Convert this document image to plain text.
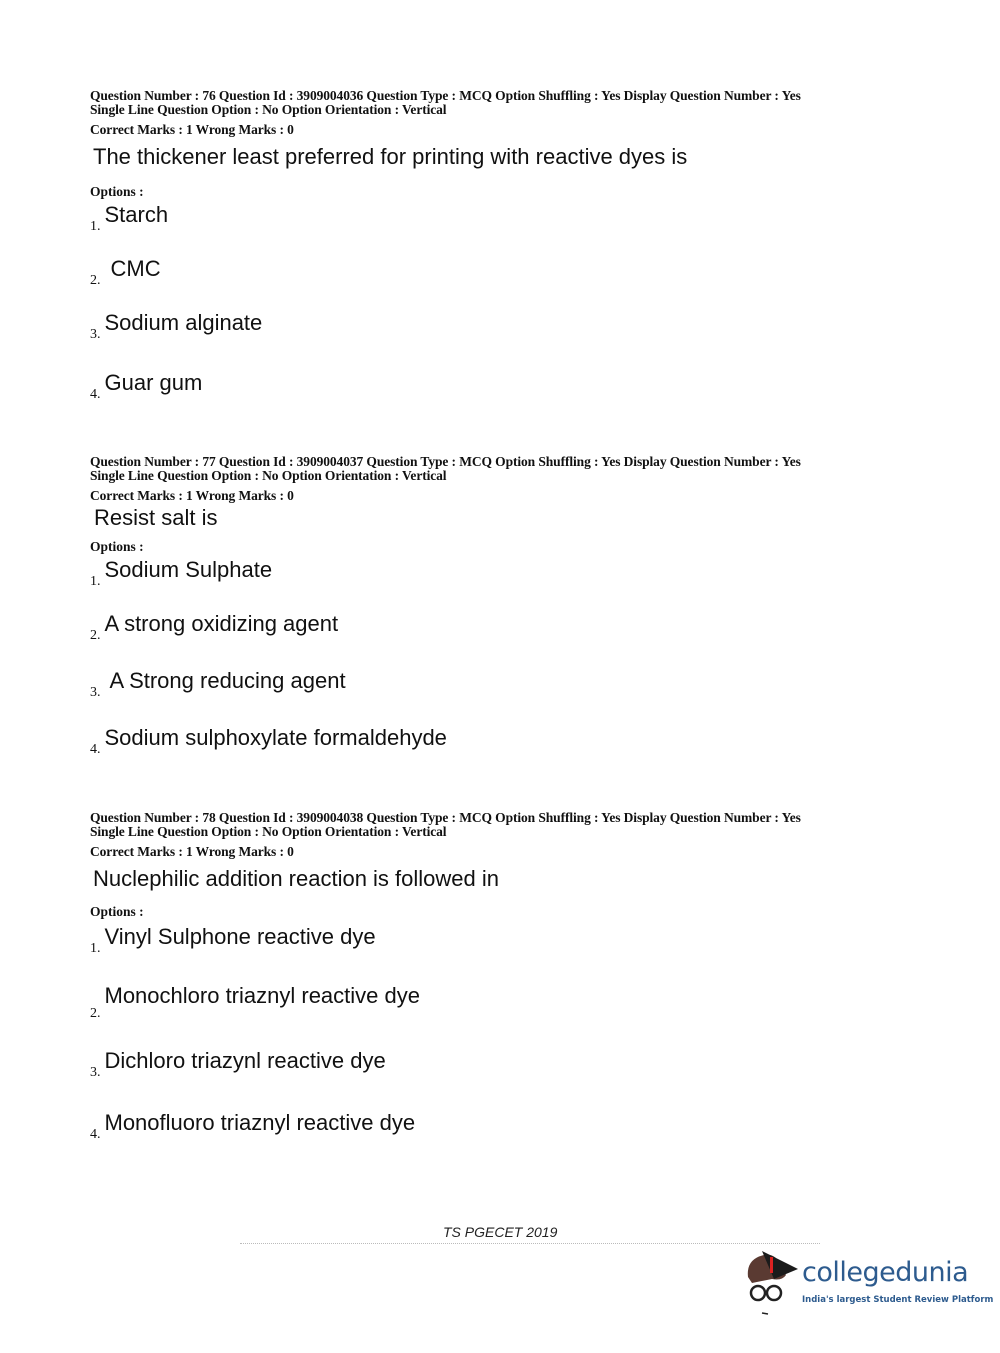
Question Number : 76 Question Id : 3909004036 Question Type : MCQ Option Shuffling : Yes Display Question Number : Yes
Single Line Question Option : No Option Orientation : Vertical
Correct Marks : 1 Wrong Marks : 0
The thickener least preferred for printing with reactive dyes is
Options :
1. Starch
2. CMC
3. Sodium alginate
4. Guar gum
Question Number : 77 Question Id : 3909004037 Question Type : MCQ Option Shuffling : Yes Display Question Number : Yes
Single Line Question Option : No Option Orientation : Vertical
Correct Marks : 1 Wrong Marks : 0
Resist salt is
Options :
1. Sodium Sulphate
2. A strong oxidizing agent
3. A Strong reducing agent
4. Sodium sulphoxylate formaldehyde
Question Number : 78 Question Id : 3909004038 Question Type : MCQ Option Shuffling : Yes Display Question Number : Yes
Single Line Question Option : No Option Orientation : Vertical
Correct Marks : 1 Wrong Marks : 0
Nuclephilic addition reaction is followed in
Options :
1. Vinyl Sulphone reactive dye
2.Monochloro triaznyl reactive dye
3. Dichloro triazynl reactive dye
4. Monofluoro triaznyl reactive dye
TS PGECET 2019
collegedunia
India's largest Student Review Platform
